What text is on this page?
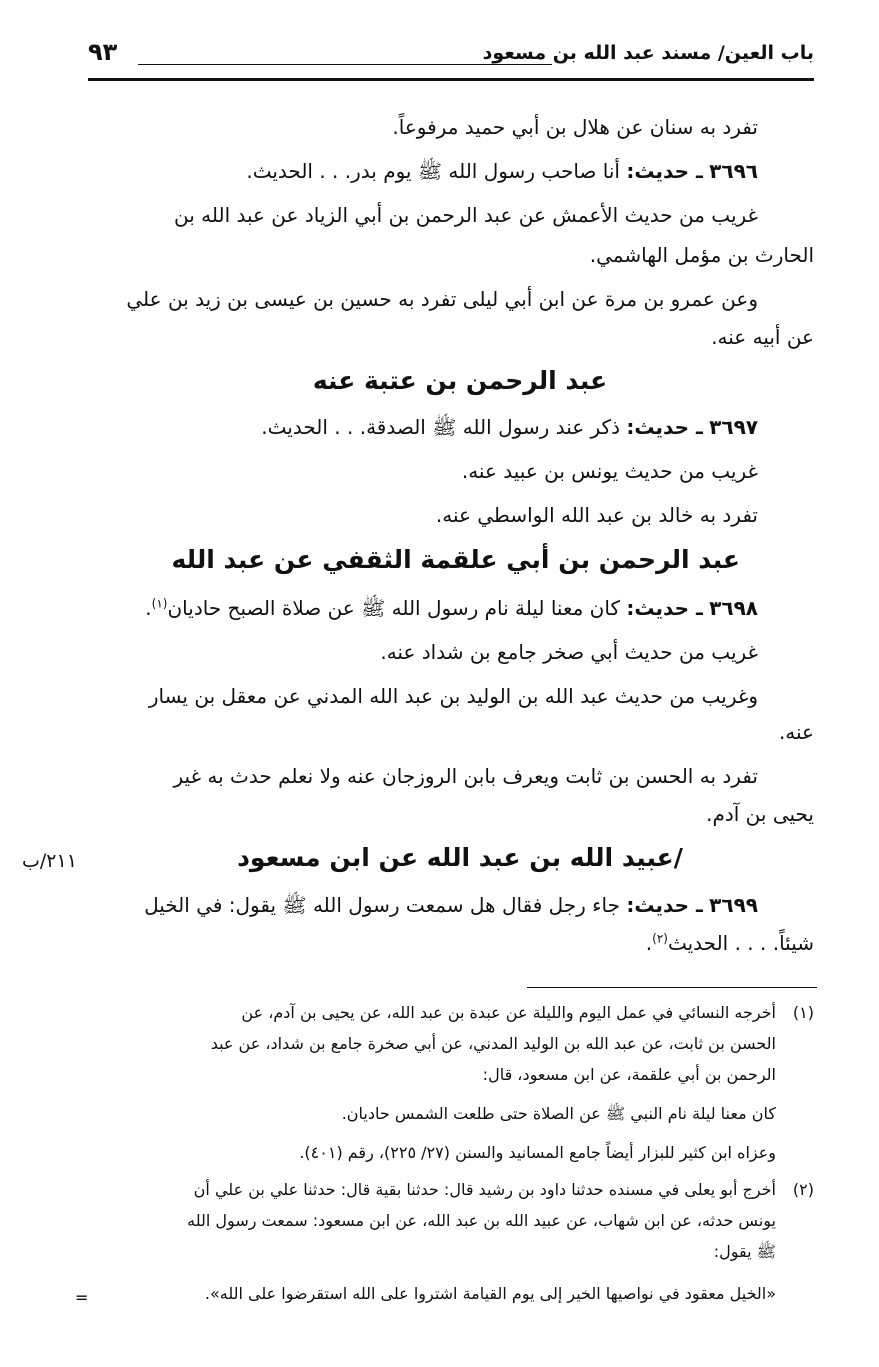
باب العين/ مسند عبد الله بن مسعود
٩٣
تفرد به سنان عن هلال بن أبي حميد مرفوعاً.
٣٦٩٦ ـ حديث: أنا صاحب رسول الله ﷺ يوم بدر. . . الحديث.
غريب من حديث الأعمش عن عبد الرحمن بن أبي الزياد عن عبد الله بن
الحارث بن مؤمل الهاشمي.
وعن عمرو بن مرة عن ابن أبي ليلى تفرد به حسين بن عيسى بن زيد بن علي
عن أبيه عنه.
٣٦٩٧ ـ حديث: ذكر عند رسول الله ﷺ الصدقة. . . الحديث.
غريب من حديث يونس بن عبيد عنه.
تفرد به خالد بن عبد الله الواسطي عنه.
٣٦٩٨ ـ حديث: كان معنا ليلة نام رسول الله ﷺ عن صلاة الصبح حاديان$^{(١)}$.
غريب من حديث أبي صخر جامع بن شداد عنه.
وغريب من حديث عبد الله بن الوليد بن عبد الله المدني عن معقل بن يسار
عنه.
تفرد به الحسن بن ثابت ويعرف بابن الروزجان عنه ولا نعلم حدث به غير
يحيى بن آدم.
٣٦٩٩ ـ حديث: جاء رجل فقال هل سمعت رسول الله ﷺ يقول: في الخيل
شيئاً. . . . الحديث$^{(٢)}$.
عبد الرحمن بن عتبة عنه
عبد الرحمن بن أبي علقمة الثقفي عن عبد الله
/عبيد الله بن عبد الله عن ابن مسعود
٢١١/ب
(١)
أخرجه النسائي في عمل اليوم والليلة عن عبدة بن عبد الله، عن يحيى بن آدم، عن
الحسن بن ثابت، عن عبد الله بن الوليد المدني، عن أبي صخرة جامع بن شداد، عن عبد
الرحمن بن أبي علقمة، عن ابن مسعود، قال:
كان معنا ليلة نام النبي ﷺ عن الصلاة حتى طلعت الشمس حاديان.
وعزاه ابن كثير للبزار أيضاً جامع المسانيد والسنن (٢٧/ ٢٢٥)، رقم (٤٠١).
(٢)
أخرج أبو يعلى في مسنده حدثنا داود بن رشيد قال: حدثنا بقية قال: حدثنا علي بن علي أن
يونس حدثه، عن ابن شهاب، عن عبيد الله بن عبد الله، عن ابن مسعود: سمعت رسول الله
ﷺ يقول:
«الخيل معقود في نواصيها الخير إلى يوم القيامة اشتروا على الله استقرضوا على الله».
=
